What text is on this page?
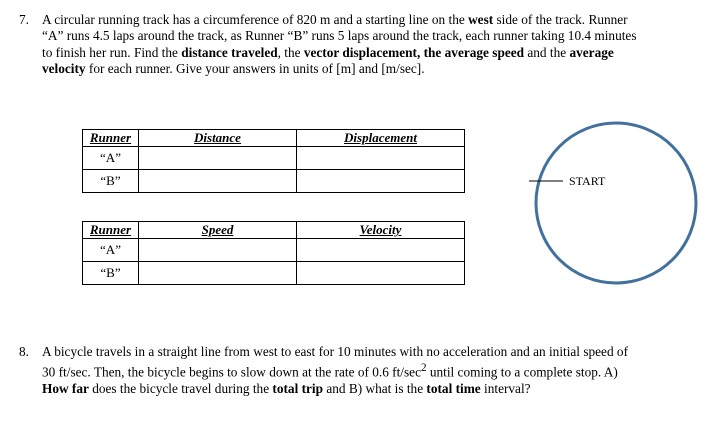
7. A circular running track has a circumference of 820 m and a starting line on the west side of the track. Runner
“A” runs 4.5 laps around the track, as Runner “B” runs 5 laps around the track, each runner taking 10.4 minutes
to finish her run. Find the distance traveled, the vector displacement, the average speed and the average
velocity for each runner. Give your answers in units of [m] and [m/sec].
Runner	Distance	Displacement
“A”		
“B”		
Runner	Speed	Velocity
“A”		
“B”		
START
8. A bicycle travels in a straight line from west to east for 10 minutes with no acceleration and an initial speed of
30 ft/sec. Then, the bicycle begins to slow down at the rate of 0.6 $ft/\sec^2$ until coming to a complete stop. A)
How far does the bicycle travel during the total trip and B) what is the total time interval?
